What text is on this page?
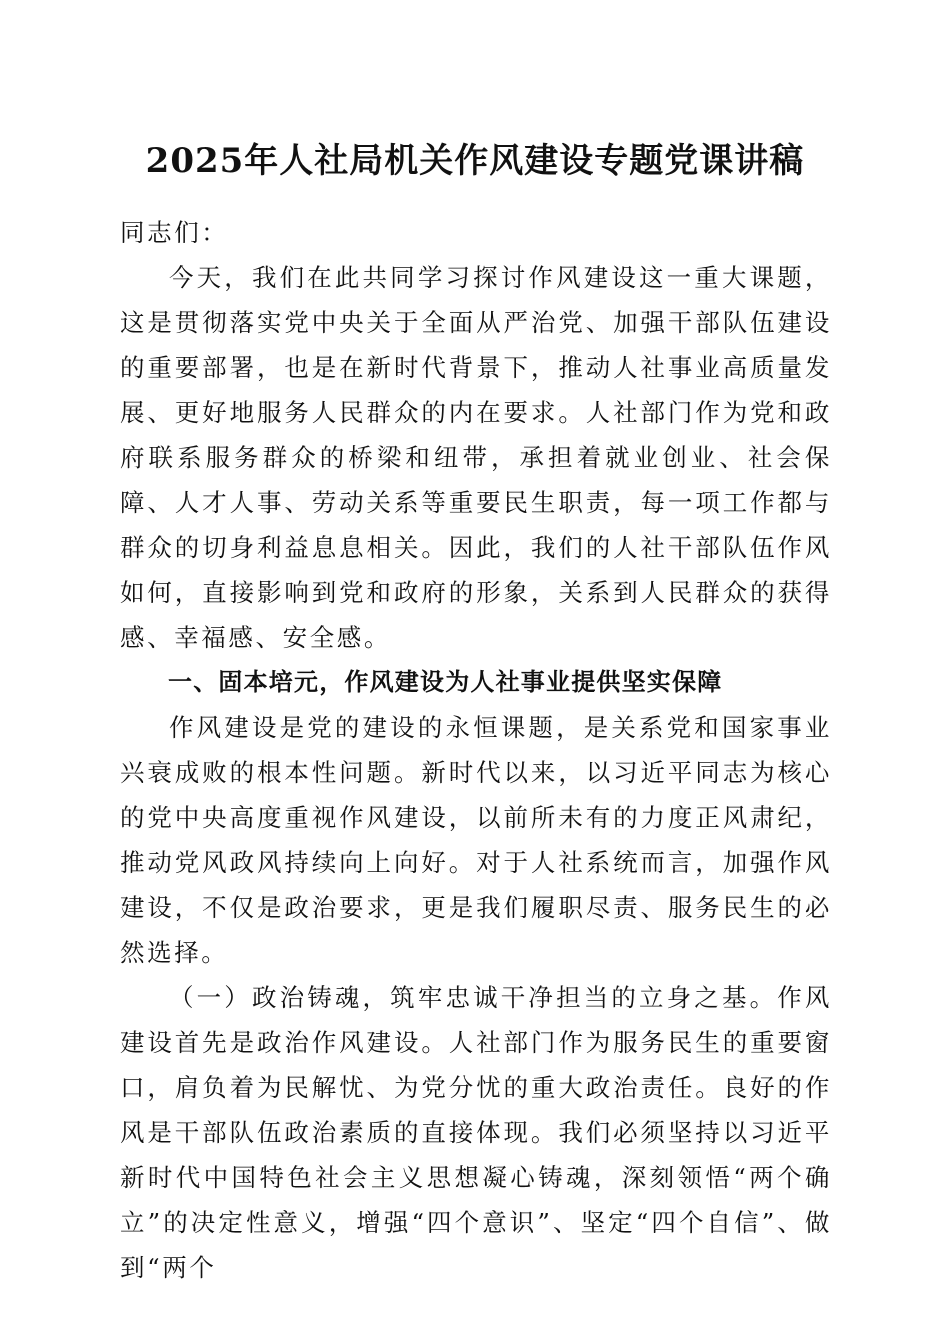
2025年人社局机关作风建设专题党课讲稿

同志们：

今天，我们在此共同学习探讨作风建设这一重大课题，这是贯彻落实党中央关于全面从严治党、加强干部队伍建设的重要部署，也是在新时代背景下，推动人社事业高质量发展、更好地服务人民群众的内在要求。人社部门作为党和政府联系服务群众的桥梁和纽带，承担着就业创业、社会保障、人才人事、劳动关系等重要民生职责，每一项工作都与群众的切身利益息息相关。因此，我们的人社干部队伍作风如何，直接影响到党和政府的形象，关系到人民群众的获得感、幸福感、安全感。

一、固本培元，作风建设为人社事业提供坚实保障

作风建设是党的建设的永恒课题，是关系党和国家事业兴衰成败的根本性问题。新时代以来，以习近平同志为核心的党中央高度重视作风建设，以前所未有的力度正风肃纪，推动党风政风持续向上向好。对于人社系统而言，加强作风建设，不仅是政治要求，更是我们履职尽责、服务民生的必然选择。

（一）政治铸魂，筑牢忠诚干净担当的立身之基。作风建设首先是政治作风建设。人社部门作为服务民生的重要窗口，肩负着为民解忧、为党分忧的重大政治责任。良好的作风是干部队伍政治素质的直接体现。我们必须坚持以习近平新时代中国特色社会主义思想凝心铸魂，深刻领悟“两个确立”的决定性意义，增强“四个意识”、坚定“四个自信”、做到“两个
